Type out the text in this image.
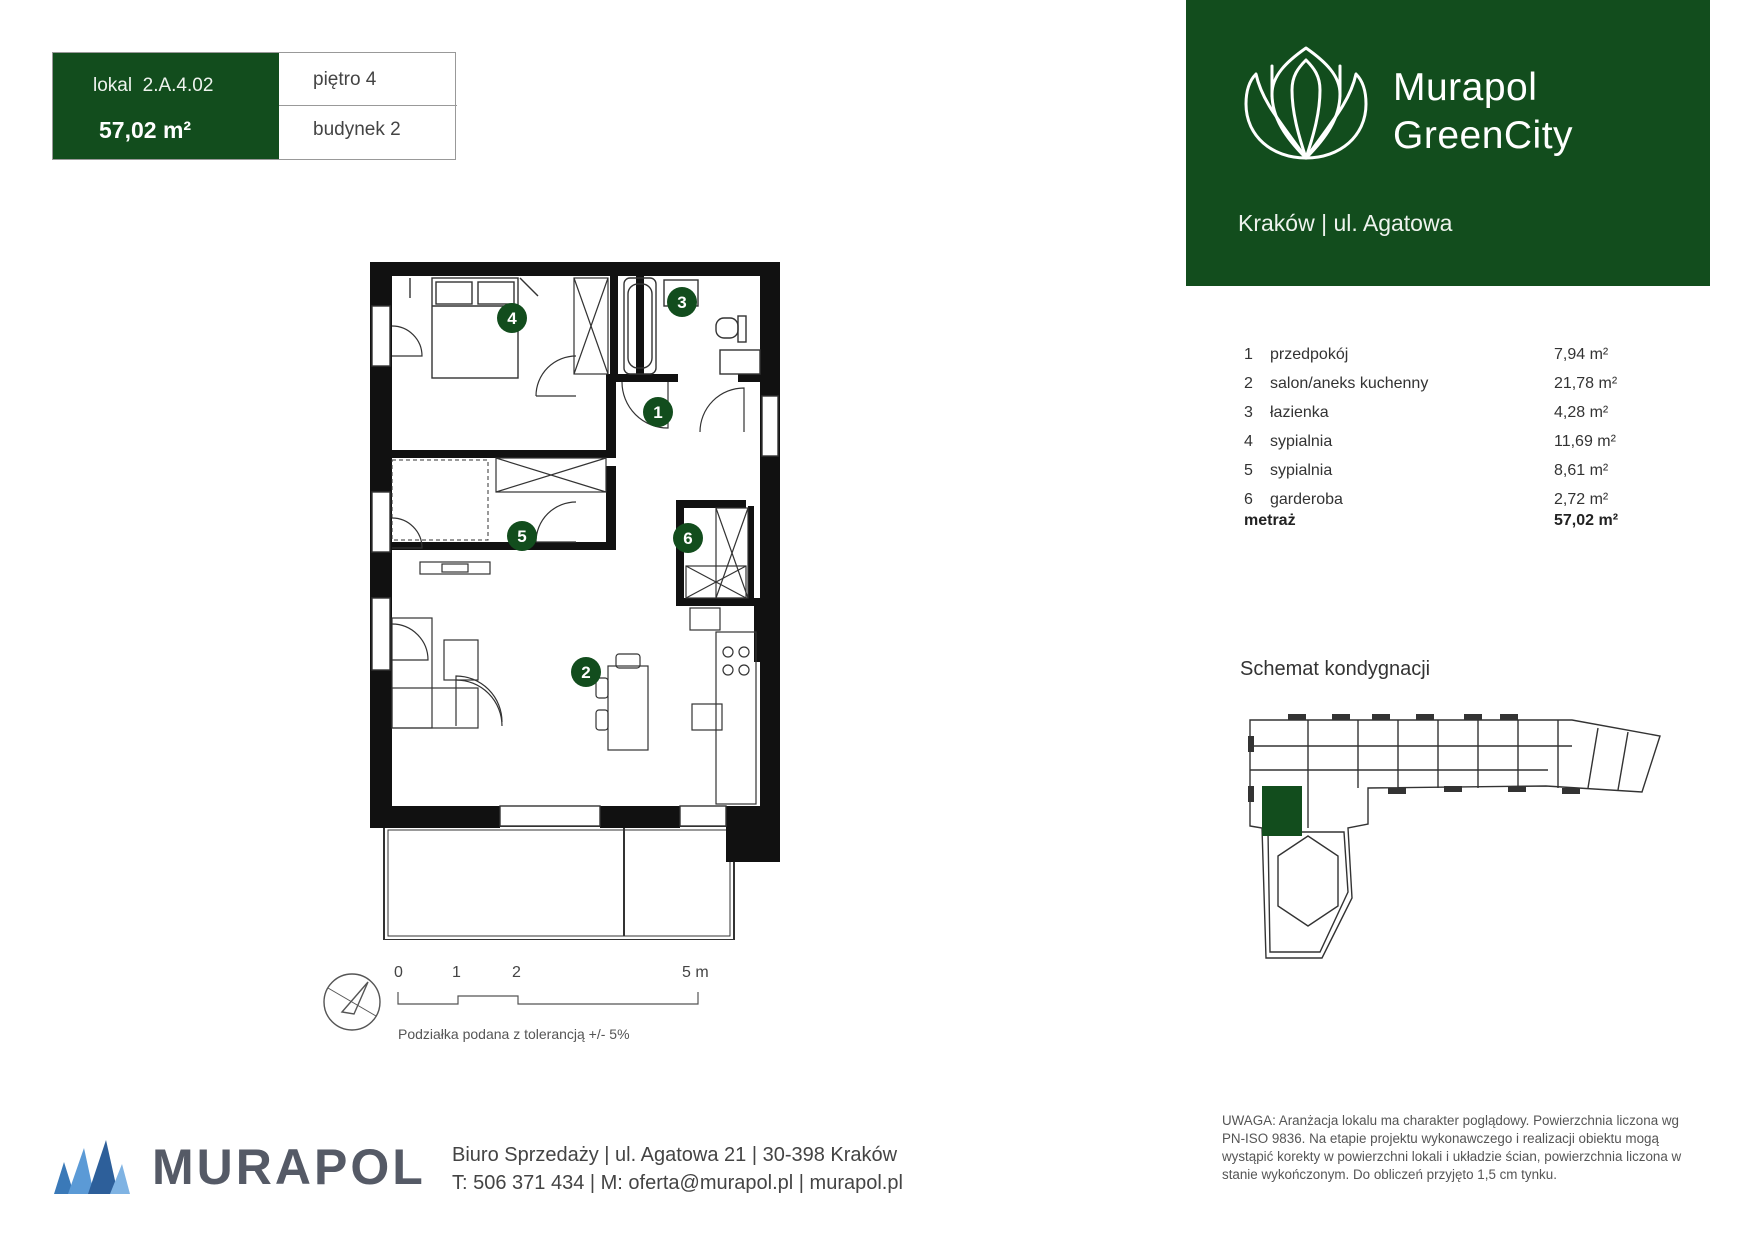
lokal  2.A.4.02
57,02 m²
piętro 4
budynek 2
Murapol
GreenCity
Kraków | ul. Agatowa
1 przedpokój	7,94 m²
2 salon/aneks kuchenny	21,78 m²
3 łazienka	4,28 m²
4 sypialnia	11,69 m²
5 sypialnia	8,61 m²
6 garderoba	2,72 m²
metraż	57,02 m²
Schemat kondygnacji
4
3
1
5	6
2
0	1	2	5 m
Podziałka podana z tolerancją +/- 5%
MURAPOL Biuro Sprzedaży | ul. Agatowa 21 | 30-398 Kraków
T: 506 371 434 | M: oferta@murapol.pl | murapol.pl
UWAGA: Aranżacja lokalu ma charakter poglądowy. Powierzchnia liczona wg PN-ISO 9836. Na etapie projektu wykonawczego i realizacji obiektu mogą wystąpić korekty w powierzchni lokali i układzie ścian, powierzchnia liczona w stanie wykończonym. Do obliczeń przyjęto 1,5 cm tynku.
